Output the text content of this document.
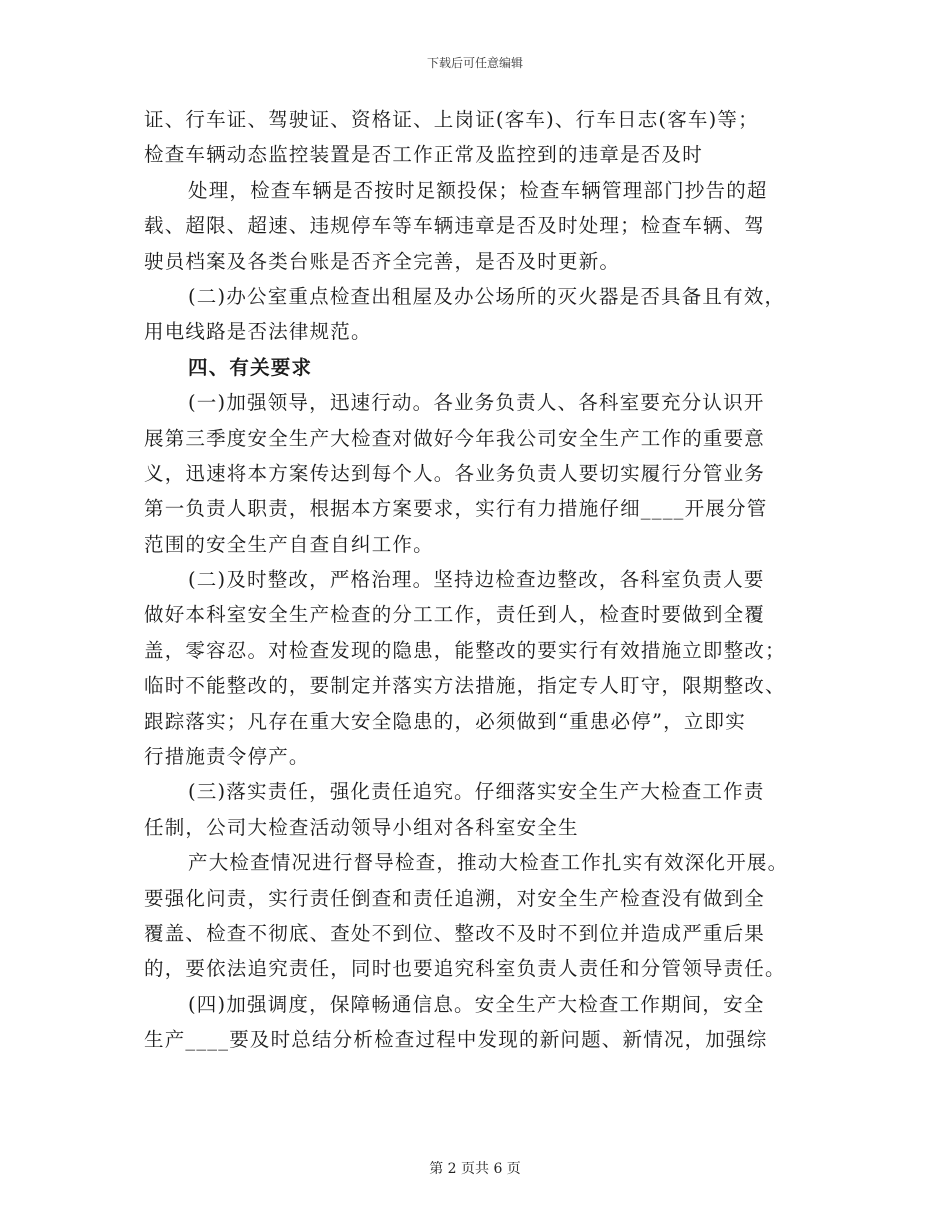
下载后可任意编辑
证、行车证、驾驶证、资格证、上岗证(客车)、行车日志(客车)等；
检查车辆动态监控装置是否工作正常及监控到的违章是否及时
处理，检查车辆是否按时足额投保；检查车辆管理部门抄告的超
载、超限、超速、违规停车等车辆违章是否及时处理；检查车辆、驾
驶员档案及各类台账是否齐全完善，是否及时更新。
(二)办公室重点检查出租屋及办公场所的灭火器是否具备且有效，
用电线路是否法律规范。
四、有关要求
(一)加强领导，迅速行动。各业务负责人、各科室要充分认识开
展第三季度安全生产大检查对做好今年我公司安全生产工作的重要意
义，迅速将本方案传达到每个人。各业务负责人要切实履行分管业务
第一负责人职责，根据本方案要求，实行有力措施仔细____开展分管
范围的安全生产自查自纠工作。
(二)及时整改，严格治理。坚持边检查边整改，各科室负责人要
做好本科室安全生产检查的分工工作，责任到人，检查时要做到全覆
盖，零容忍。对检查发现的隐患，能整改的要实行有效措施立即整改；
临时不能整改的，要制定并落实方法措施，指定专人盯守，限期整改、
跟踪落实；凡存在重大安全隐患的，必须做到“重患必停”，立即实
行措施责令停产。
(三)落实责任，强化责任追究。仔细落实安全生产大检查工作责
任制，公司大检查活动领导小组对各科室安全生
产大检查情况进行督导检查，推动大检查工作扎实有效深化开展。
要强化问责，实行责任倒查和责任追溯，对安全生产检查没有做到全
覆盖、检查不彻底、查处不到位、整改不及时不到位并造成严重后果
的，要依法追究责任，同时也要追究科室负责人责任和分管领导责任。
(四)加强调度，保障畅通信息。安全生产大检查工作期间，安全
生产____要及时总结分析检查过程中发现的新问题、新情况，加强综
第 2 页共 6 页
